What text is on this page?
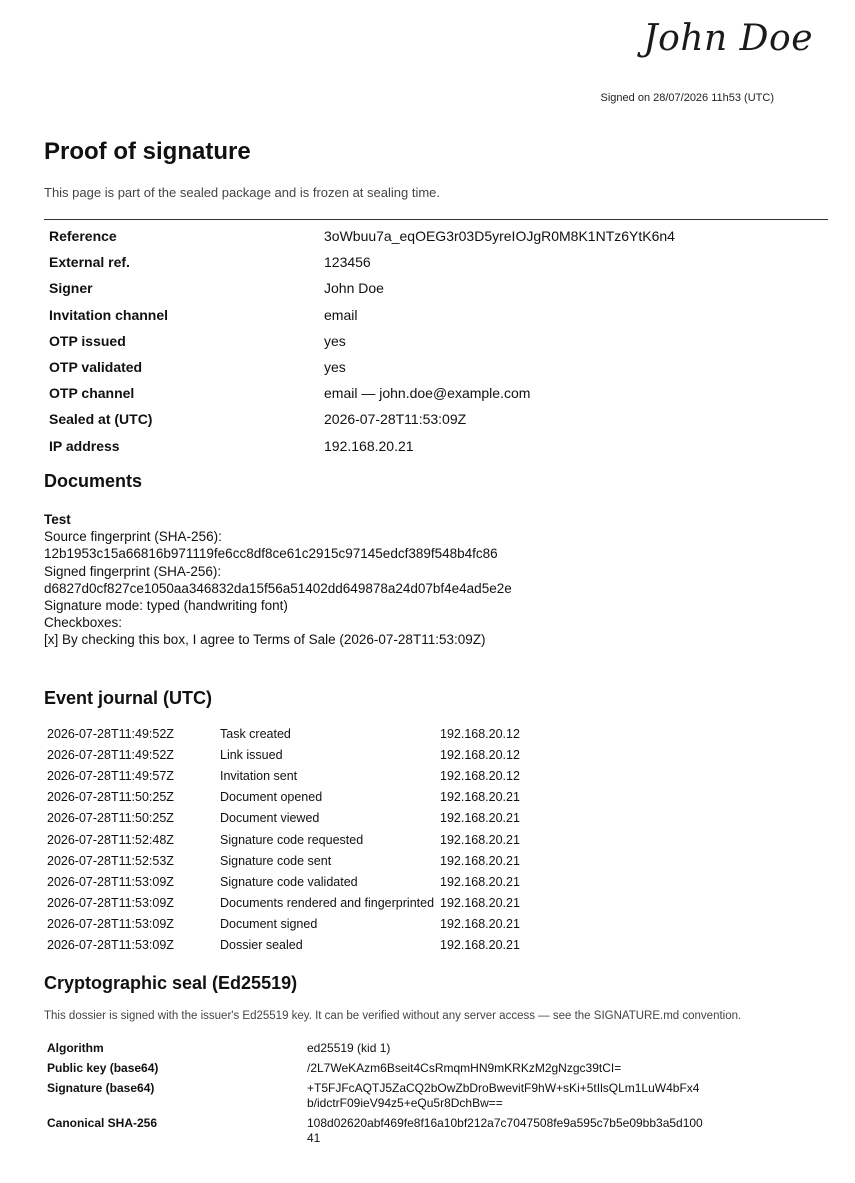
John Doe
Signed on 28/07/2026 11h53 (UTC)
Proof of signature
This page is part of the sealed package and is frozen at sealing time.
Reference	3oWbuu7a_eqOEG3r03D5yreIOJgR0M8K1NTz6YtK6n4
External ref.	123456
Signer	John Doe
Invitation channel	email
OTP issued	yes
OTP validated	yes
OTP channel	email — john.doe@example.com
Sealed at (UTC)	2026-07-28T11:53:09Z
IP address	192.168.20.21
Documents
Test
Source fingerprint (SHA-256):
12b1953c15a66816b971119fe6cc8df8ce61c2915c97145edcf389f548b4fc86
Signed fingerprint (SHA-256):
d6827d0cf827ce1050aa346832da15f56a51402dd649878a24d07bf4e4ad5e2e
Signature mode: typed (handwriting font)
Checkboxes:
[x] By checking this box, I agree to Terms of Sale (2026-07-28T11:53:09Z)
Event journal (UTC)
2026-07-28T11:49:52Z	Task created	192.168.20.12
2026-07-28T11:49:52Z	Link issued	192.168.20.12
2026-07-28T11:49:57Z	Invitation sent	192.168.20.12
2026-07-28T11:50:25Z	Document opened	192.168.20.21
2026-07-28T11:50:25Z	Document viewed	192.168.20.21
2026-07-28T11:52:48Z	Signature code requested	192.168.20.21
2026-07-28T11:52:53Z	Signature code sent	192.168.20.21
2026-07-28T11:53:09Z	Signature code validated	192.168.20.21
2026-07-28T11:53:09Z	Documents rendered and fingerprinted 192.168.20.21
2026-07-28T11:53:09Z	Document signed	192.168.20.21
2026-07-28T11:53:09Z	Dossier sealed	192.168.20.21
Cryptographic seal (Ed25519)
This dossier is signed with the issuer's Ed25519 key. It can be verified without any server access — see the SIGNATURE.md convention.
Algorithm	ed25519 (kid 1)
Public key (base64)	/2L7WeKAzm6Bseit4CsRmqmHN9mKRKzM2gNzgc39tCI=
Signature (base64)	+T5FJFcAQTJ5ZaCQ2bOwZbDroBwevitF9hW+sKi+5tIlsQLm1LuW4bFx4b/idctrF09ieV94z5+eQu5r8DchBw==
Canonical SHA-256	108d02620abf469fe8f16a10bf212a7c7047508fe9a595c7b5e09bb3a5d10041
